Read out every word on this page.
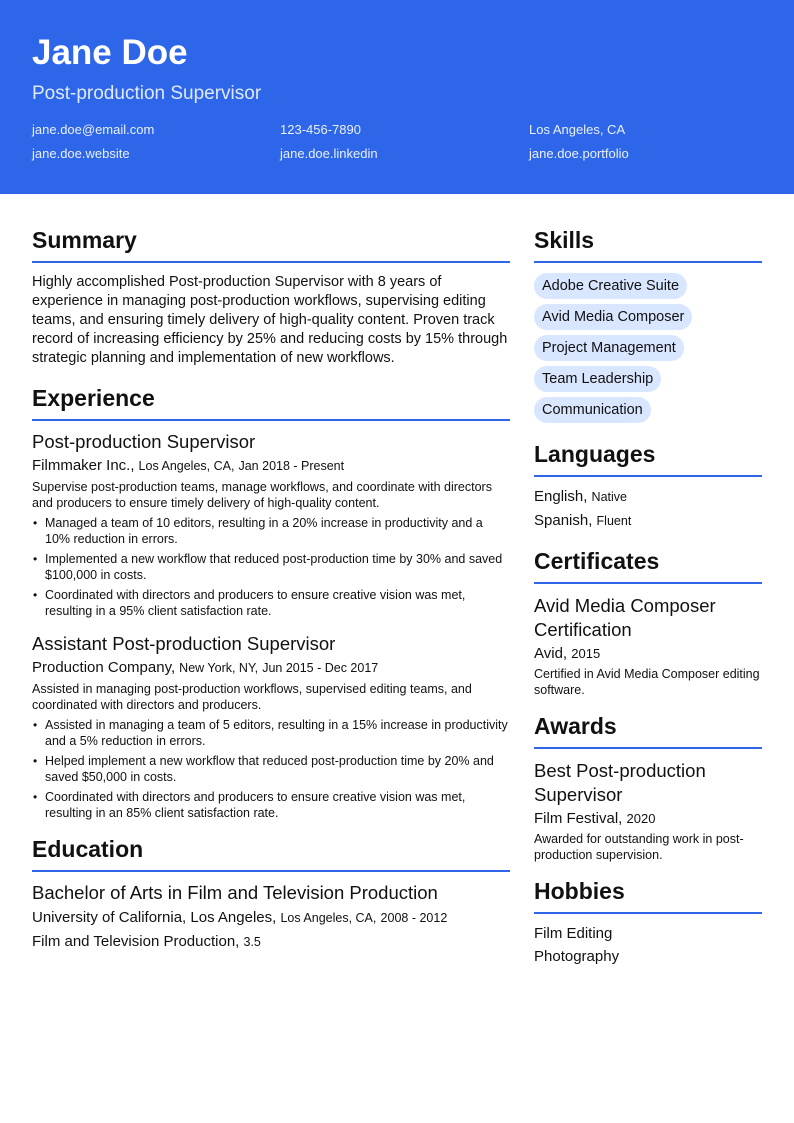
Jane Doe
Post-production Supervisor
jane.doe@email.com	123-456-7890	Los Angeles, CA
jane.doe.website	jane.doe.linkedin	jane.doe.portfolio
Summary
Highly accomplished Post-production Supervisor with 8 years of experience in managing post-production workflows, supervising editing teams, and ensuring timely delivery of high-quality content. Proven track record of increasing efficiency by 25% and reducing costs by 15% through strategic planning and implementation of new workflows.
Experience
Post-production Supervisor
Filmmaker Inc., Los Angeles, CA, Jan 2018 - Present
Supervise post-production teams, manage workflows, and coordinate with directors and producers to ensure timely delivery of high-quality content.
• Managed a team of 10 editors, resulting in a 20% increase in productivity and a 10% reduction in errors.
• Implemented a new workflow that reduced post-production time by 30% and saved $100,000 in costs.
• Coordinated with directors and producers to ensure creative vision was met, resulting in a 95% client satisfaction rate.
Assistant Post-production Supervisor
Production Company, New York, NY, Jun 2015 - Dec 2017
Assisted in managing post-production workflows, supervised editing teams, and coordinated with directors and producers.
• Assisted in managing a team of 5 editors, resulting in a 15% increase in productivity and a 5% reduction in errors.
• Helped implement a new workflow that reduced post-production time by 20% and saved $50,000 in costs.
• Coordinated with directors and producers to ensure creative vision was met, resulting in an 85% client satisfaction rate.
Education
Bachelor of Arts in Film and Television Production
University of California, Los Angeles, Los Angeles, CA, 2008 - 2012
Film and Television Production, 3.5
Skills
Adobe Creative Suite
Avid Media Composer
Project Management
Team Leadership
Communication
Languages
English, Native
Spanish, Fluent
Certificates
Avid Media Composer Certification
Avid, 2015
Certified in Avid Media Composer editing software.
Awards
Best Post-production Supervisor
Film Festival, 2020
Awarded for outstanding work in post-production supervision.
Hobbies
Film Editing
Photography
